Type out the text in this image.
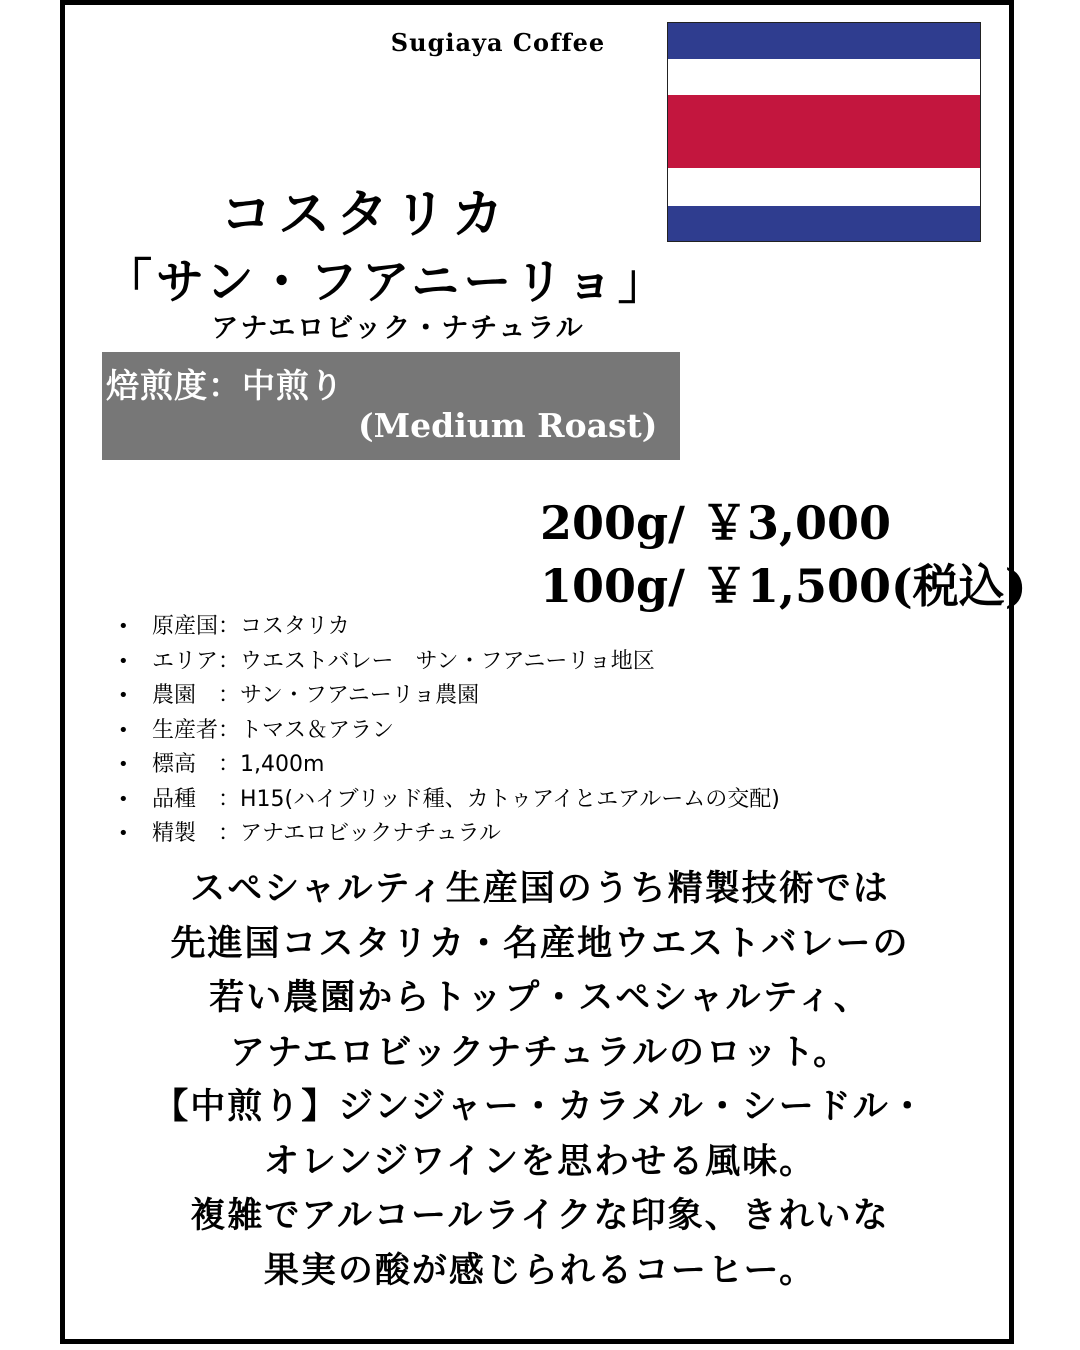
Sugiaya Coffee
コスタリカ
「サン・フアニーリョ」
アナエロビック・ナチュラル
焙煎度：中煎り
(Medium Roast)
200g/ ￥3,000
100g/ ￥1,500(税込)
• 原産国：コスタリカ
• エリア：ウエストバレー　サン・フアニーリョ地区
• 農園　：サン・フアニーリョ農園
• 生産者：トマス＆アラン
• 標高　：1,400m
• 品種　：H15(ハイブリッド種、カトゥアイとエアルームの交配)
• 精製　：アナエロビックナチュラル
スペシャルティ生産国のうち精製技術では
先進国コスタリカ・名産地ウエストバレーの
若い農園からトップ・スペシャルティ、
アナエロビックナチュラルのロット。
【中煎り】ジンジャー・カラメル・シードル・
オレンジワインを思わせる風味。
複雑でアルコールライクな印象、きれいな
果実の酸が感じられるコーヒー。
